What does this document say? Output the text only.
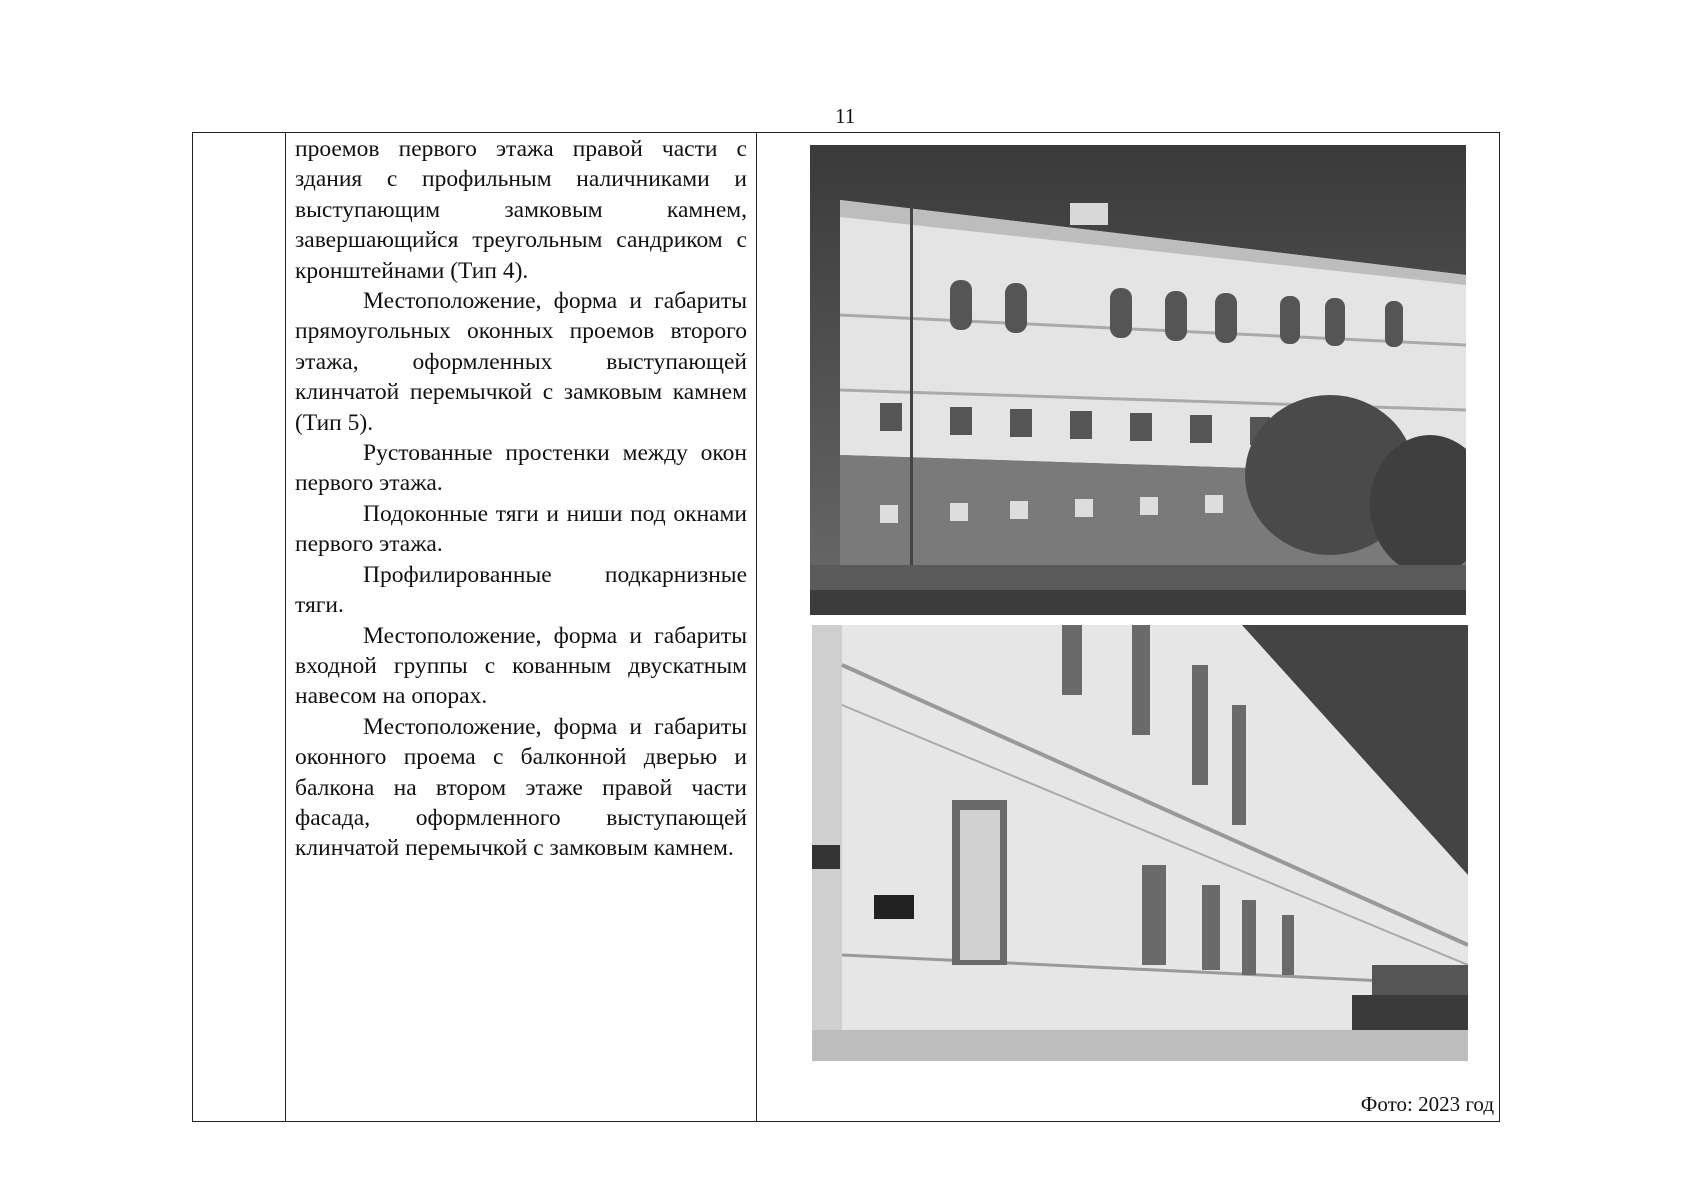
11

проемов первого этажа правой части с здания с профильным наличниками и выступающим замковым камнем, завершающийся треугольным сандриком с кронштейнами (Тип 4).

Местоположение, форма и габариты прямоугольных оконных проемов второго этажа, оформленных выступающей клинчатой перемычкой с замковым камнем (Тип 5).

Рустованные простенки между окон первого этажа.

Подоконные тяги и ниши под окнами первого этажа.

Профилированные подкарнизные тяги.

Местоположение, форма и габариты входной группы с кованным двускатным навесом на опорах.

Местоположение, форма и габариты оконного проема с балконной дверью и балкона на втором этаже правой части фасада, оформленного выступающей клинчатой перемычкой с замковым камнем.

Фото: 2023 год
